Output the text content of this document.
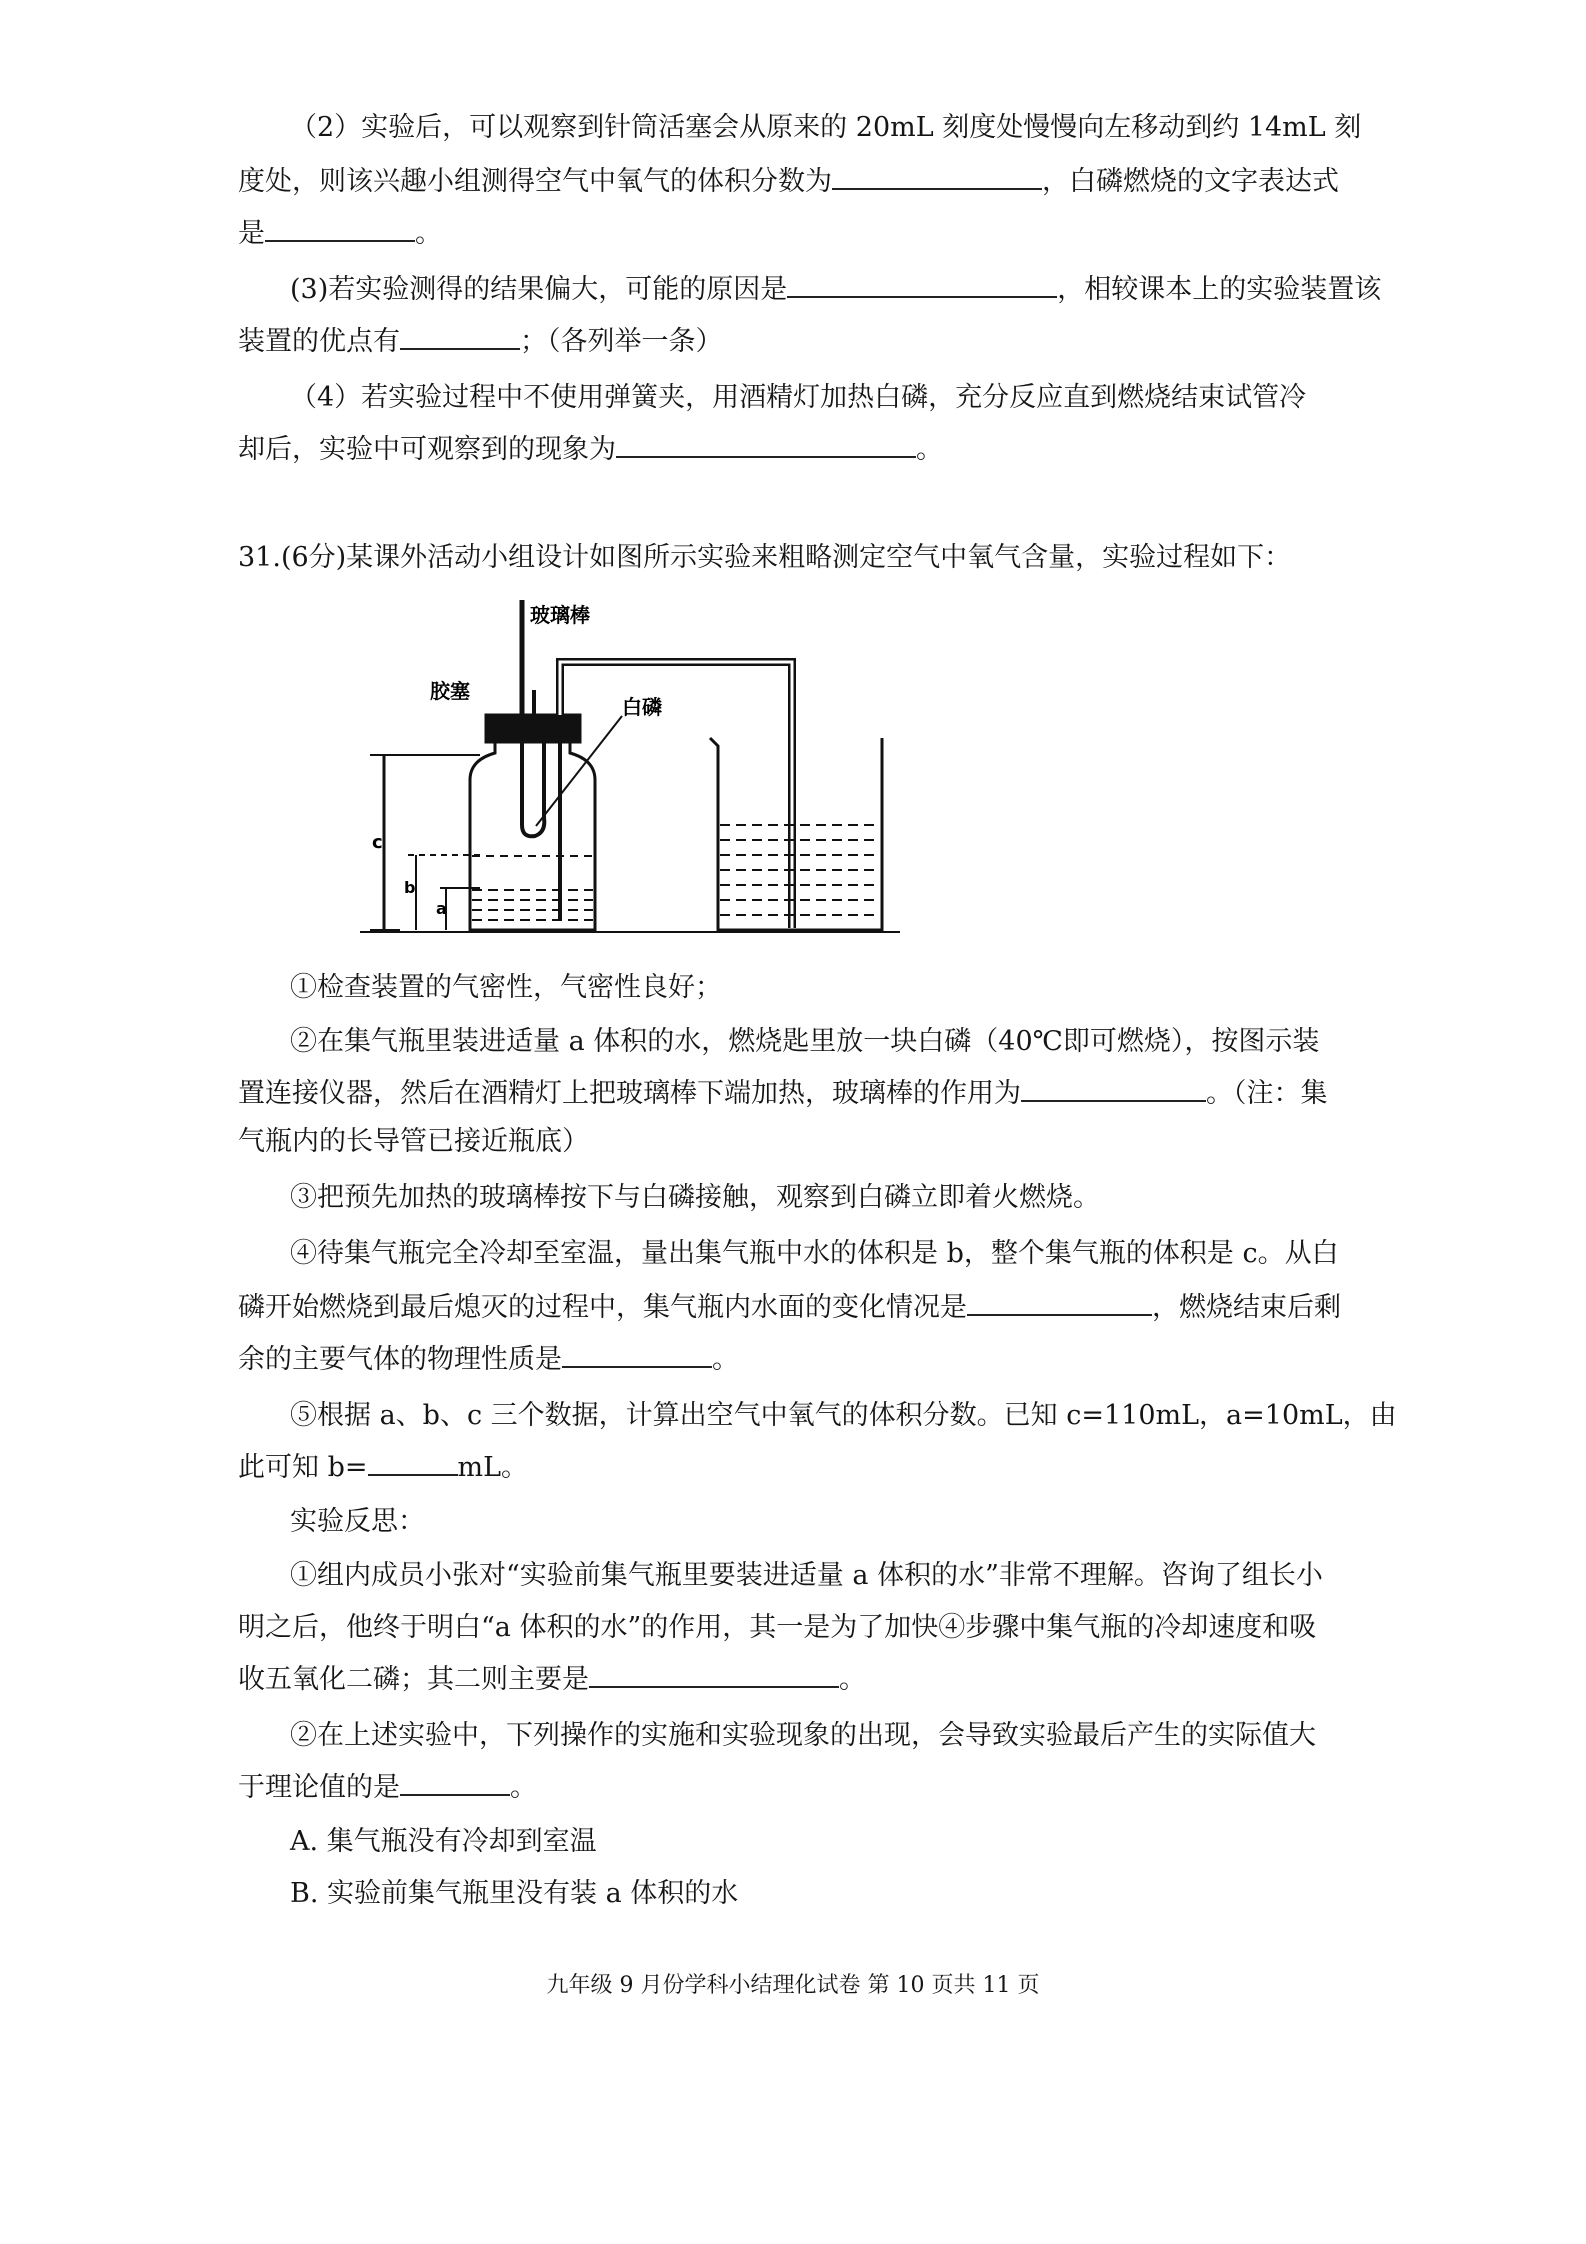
（2）实验后，可以观察到针筒活塞会从原来的 20mL 刻度处慢慢向左移动到约 14mL 刻
度处，则该兴趣小组测得空气中氧气的体积分数为	，白磷燃烧的文字表达式
是	。
(3)若实验测得的结果偏大，可能的原因是	，相较课本上的实验装置该
装置的优点有	；（各列举一条）
（4）若实验过程中不使用弹簧夹，用酒精灯加热白磷，充分反应直到燃烧结束试管冷
却后，实验中可观察到的现象为	。
31.(6分)某课外活动小组设计如图所示实验来粗略测定空气中氧气含量，实验过程如下：
玻璃棒
胶塞
白磷
c
b
a
①检查装置的气密性，气密性良好；
②在集气瓶里装进适量 a 体积的水，燃烧匙里放一块白磷（40℃即可燃烧），按图示装
置连接仪器，然后在酒精灯上把玻璃棒下端加热，玻璃棒的作用为	。（注：集
气瓶内的长导管已接近瓶底）
③把预先加热的玻璃棒按下与白磷接触，观察到白磷立即着火燃烧。
④待集气瓶完全冷却至室温，量出集气瓶中水的体积是 b，整个集气瓶的体积是 c。从白
磷开始燃烧到最后熄灭的过程中，集气瓶内水面的变化情况是	，燃烧结束后剩
余的主要气体的物理性质是	。
⑤根据 a、b、c 三个数据，计算出空气中氧气的体积分数。已知 c=110mL，a=10mL，由
此可知 b=	mL。
实验反思：
①组内成员小张对“实验前集气瓶里要装进适量 a 体积的水”非常不理解。咨询了组长小
明之后，他终于明白“a 体积的水”的作用，其一是为了加快④步骤中集气瓶的冷却速度和吸
收五氧化二磷；其二则主要是	。
②在上述实验中，下列操作的实施和实验现象的出现，会导致实验最后产生的实际值大
于理论值的是	。
A. 集气瓶没有冷却到室温
B. 实验前集气瓶里没有装 a 体积的水
九年级 9 月份学科小结理化试卷 第 10 页共 11 页
